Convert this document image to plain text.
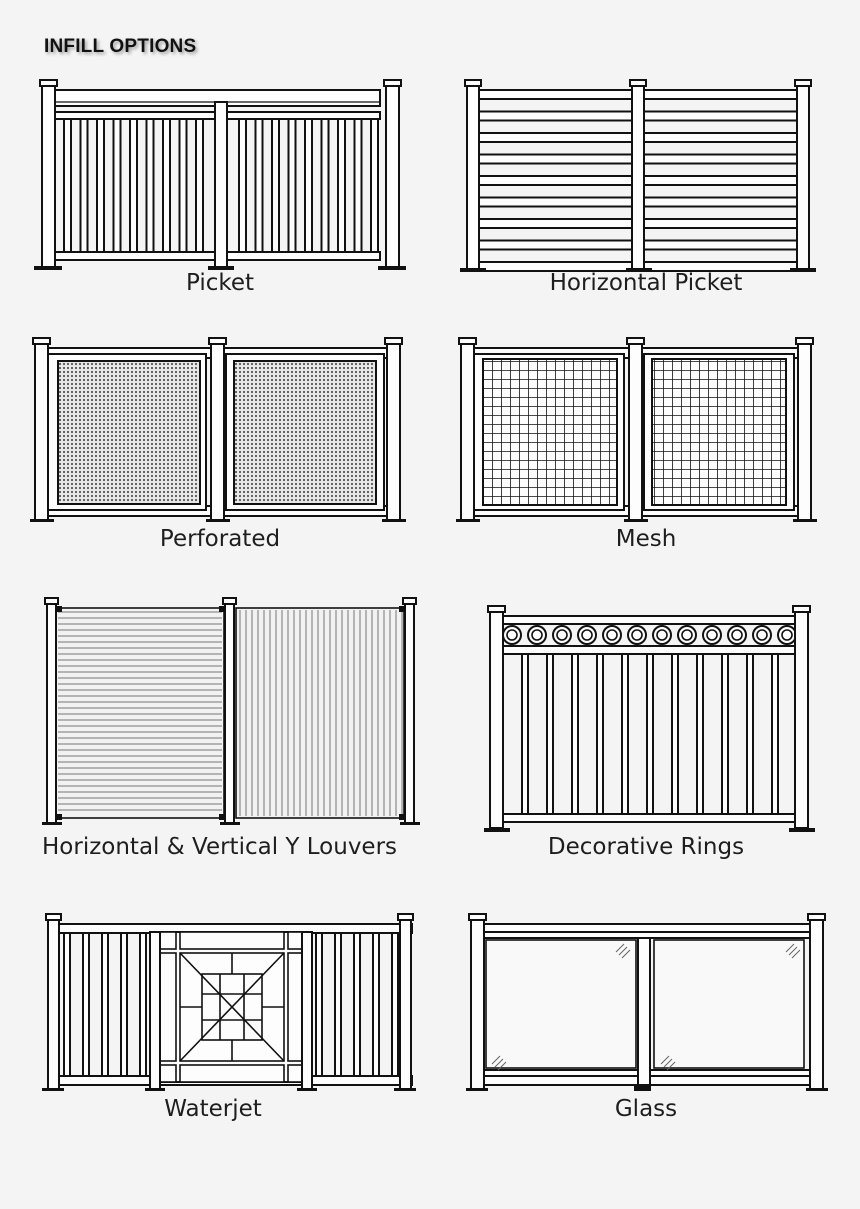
INFILL OPTIONS
Picket	Horizontal Picket
Perforated	Mesh
Horizontal & Vertical Y Louvers	Decorative Rings
Waterjet	Glass
